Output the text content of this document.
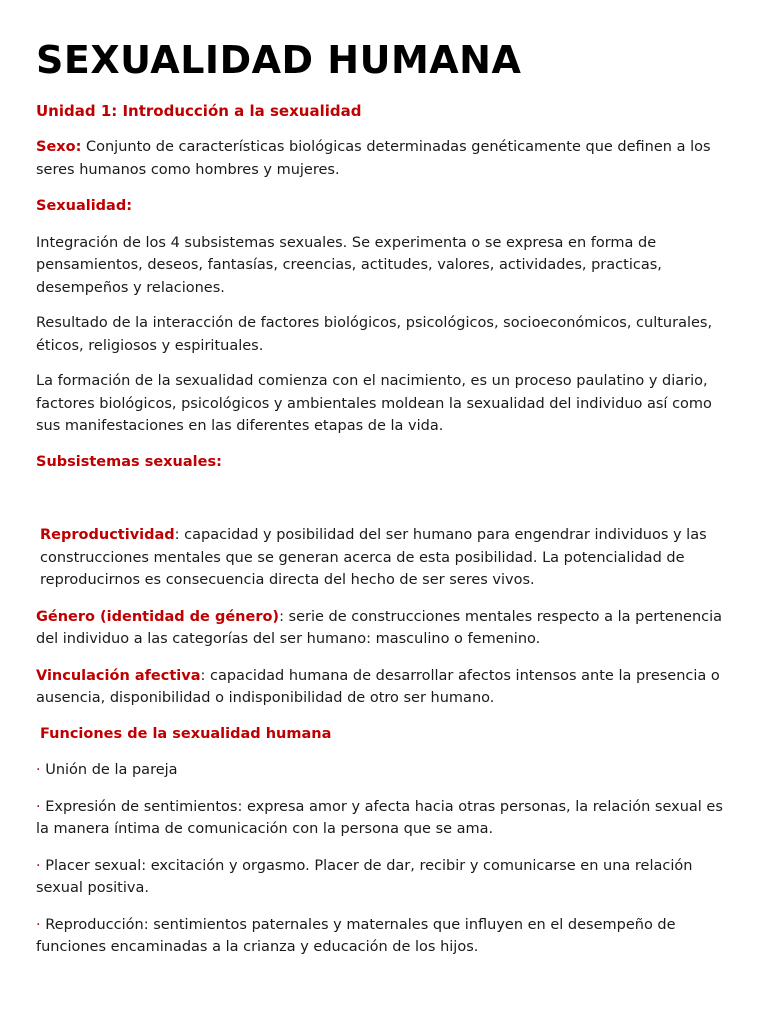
SEXUALIDAD HUMANA
Unidad 1: Introducción a la sexualidad

Sexo: Conjunto de características biológicas determinadas genéticamente que definen a los seres humanos como hombres y mujeres.

Sexualidad:

Integración de los 4 subsistemas sexuales. Se experimenta o se expresa en forma de pensamientos, deseos, fantasías, creencias, actitudes, valores, actividades, practicas, desempeños y relaciones.

Resultado de la interacción de factores biológicos, psicológicos, socioeconómicos, culturales, éticos, religiosos y espirituales.

La formación de la sexualidad comienza con el nacimiento, es un proceso paulatino y diario, factores biológicos, psicológicos y ambientales moldean la sexualidad del individuo así como sus manifestaciones en las diferentes etapas de la vida.

Subsistemas sexuales:

Reproductividad: capacidad y posibilidad del ser humano para engendrar individuos y las construcciones mentales que se generan acerca de esta posibilidad. La potencialidad de reproducirnos es consecuencia directa del hecho de ser seres vivos.

Género (identidad de género): serie de construcciones mentales respecto a la pertenencia del individuo a las categorías del ser humano: masculino o femenino.

Vinculación afectiva: capacidad humana de desarrollar afectos intensos ante la presencia o ausencia, disponibilidad o indisponibilidad de otro ser humano.

Funciones de la sexualidad humana

· Unión de la pareja

· Expresión de sentimientos: expresa amor y afecta hacia otras personas, la relación sexual es la manera íntima de comunicación con la persona que se ama.

· Placer sexual: excitación y orgasmo. Placer de dar, recibir y comunicarse en una relación sexual positiva.

· Reproducción: sentimientos paternales y maternales que influyen en el desempeño de funciones encaminadas a la crianza y educación de los hijos.
